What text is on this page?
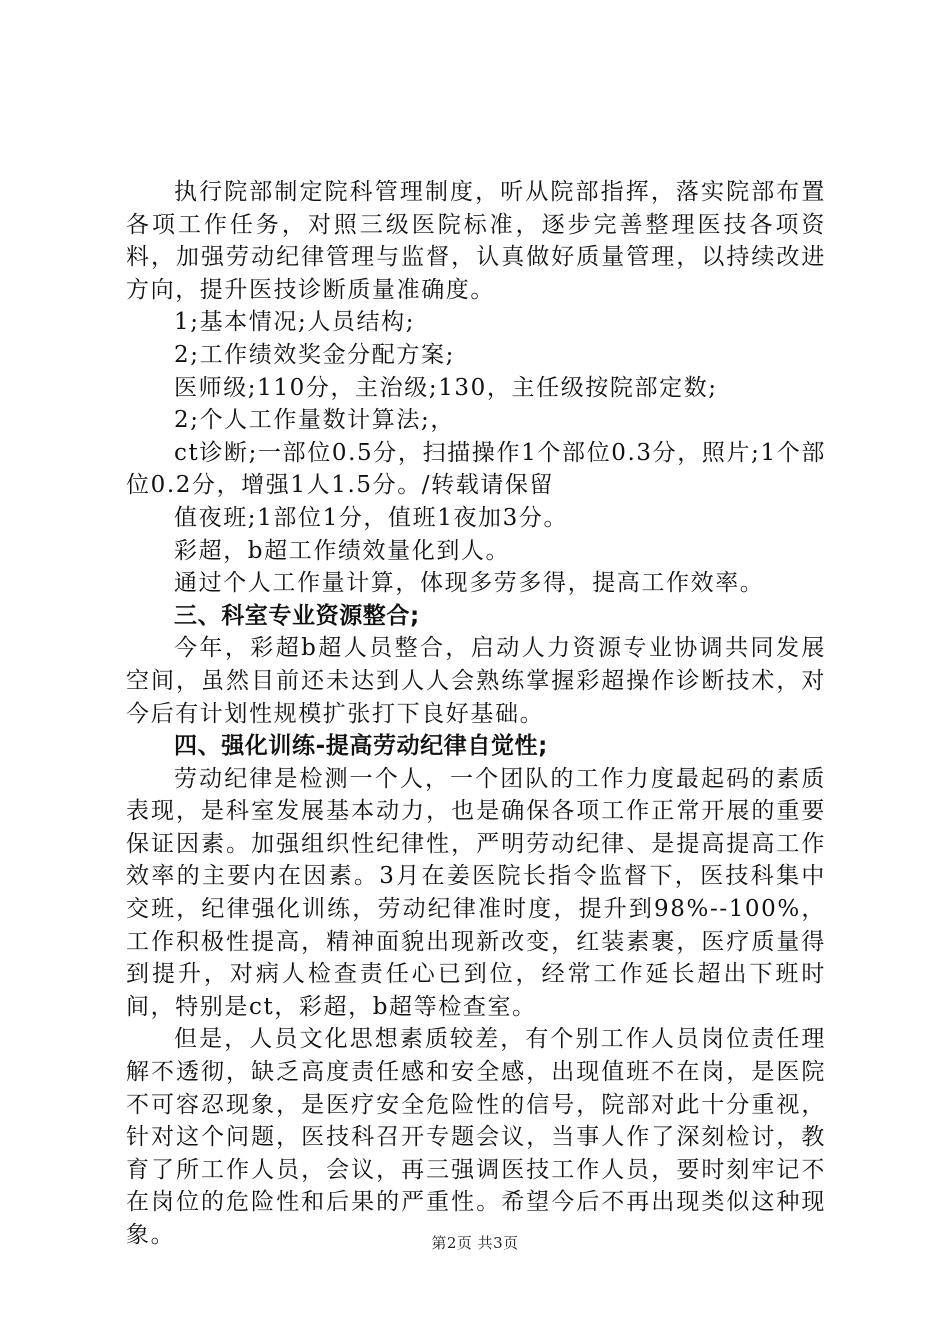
执行院部制定院科管理制度，听从院部指挥，落实院部布置各项工作任务，对照三级医院标准，逐步完善整理医技各项资料，加强劳动纪律管理与监督，认真做好质量管理，以持续改进方向，提升医技诊断质量准确度。

1;基本情况;人员结构;

2;工作绩效奖金分配方案;

医师级;110分，主治级;130，主任级按院部定数;

2;个人工作量数计算法;，

ct诊断;一部位0.5分，扫描操作1个部位0.3分，照片;1个部位0.2分，增强1人1.5分。/转载请保留

值夜班;1部位1分，值班1夜加3分。

彩超，b超工作绩效量化到人。

通过个人工作量计算，体现多劳多得，提高工作效率。

三、科室专业资源整合;

今年，彩超b超人员整合，启动人力资源专业协调共同发展空间，虽然目前还未达到人人会熟练掌握彩超操作诊断技术，对今后有计划性规模扩张打下良好基础。

四、强化训练-提高劳动纪律自觉性;

劳动纪律是检测一个人，一个团队的工作力度最起码的素质表现，是科室发展基本动力，也是确保各项工作正常开展的重要保证因素。加强组织性纪律性，严明劳动纪律、是提高提高工作效率的主要内在因素。3月在姜医院长指令监督下，医技科集中交班，纪律强化训练，劳动纪律准时度，提升到98%--100%，工作积极性提高，精神面貌出现新改变，红装素裹，医疗质量得到提升，对病人检查责任心已到位，经常工作延长超出下班时间，特别是ct，彩超，b超等检查室。

但是，人员文化思想素质较差，有个别工作人员岗位责任理解不透彻，缺乏高度责任感和安全感，出现值班不在岗，是医院不可容忍现象，是医疗安全危险性的信号，院部对此十分重视，针对这个问题，医技科召开专题会议，当事人作了深刻检讨，教育了所工作人员，会议，再三强调医技工作人员，要时刻牢记不在岗位的危险性和后果的严重性。希望今后不再出现类似这种现象。	第2页 共3页
